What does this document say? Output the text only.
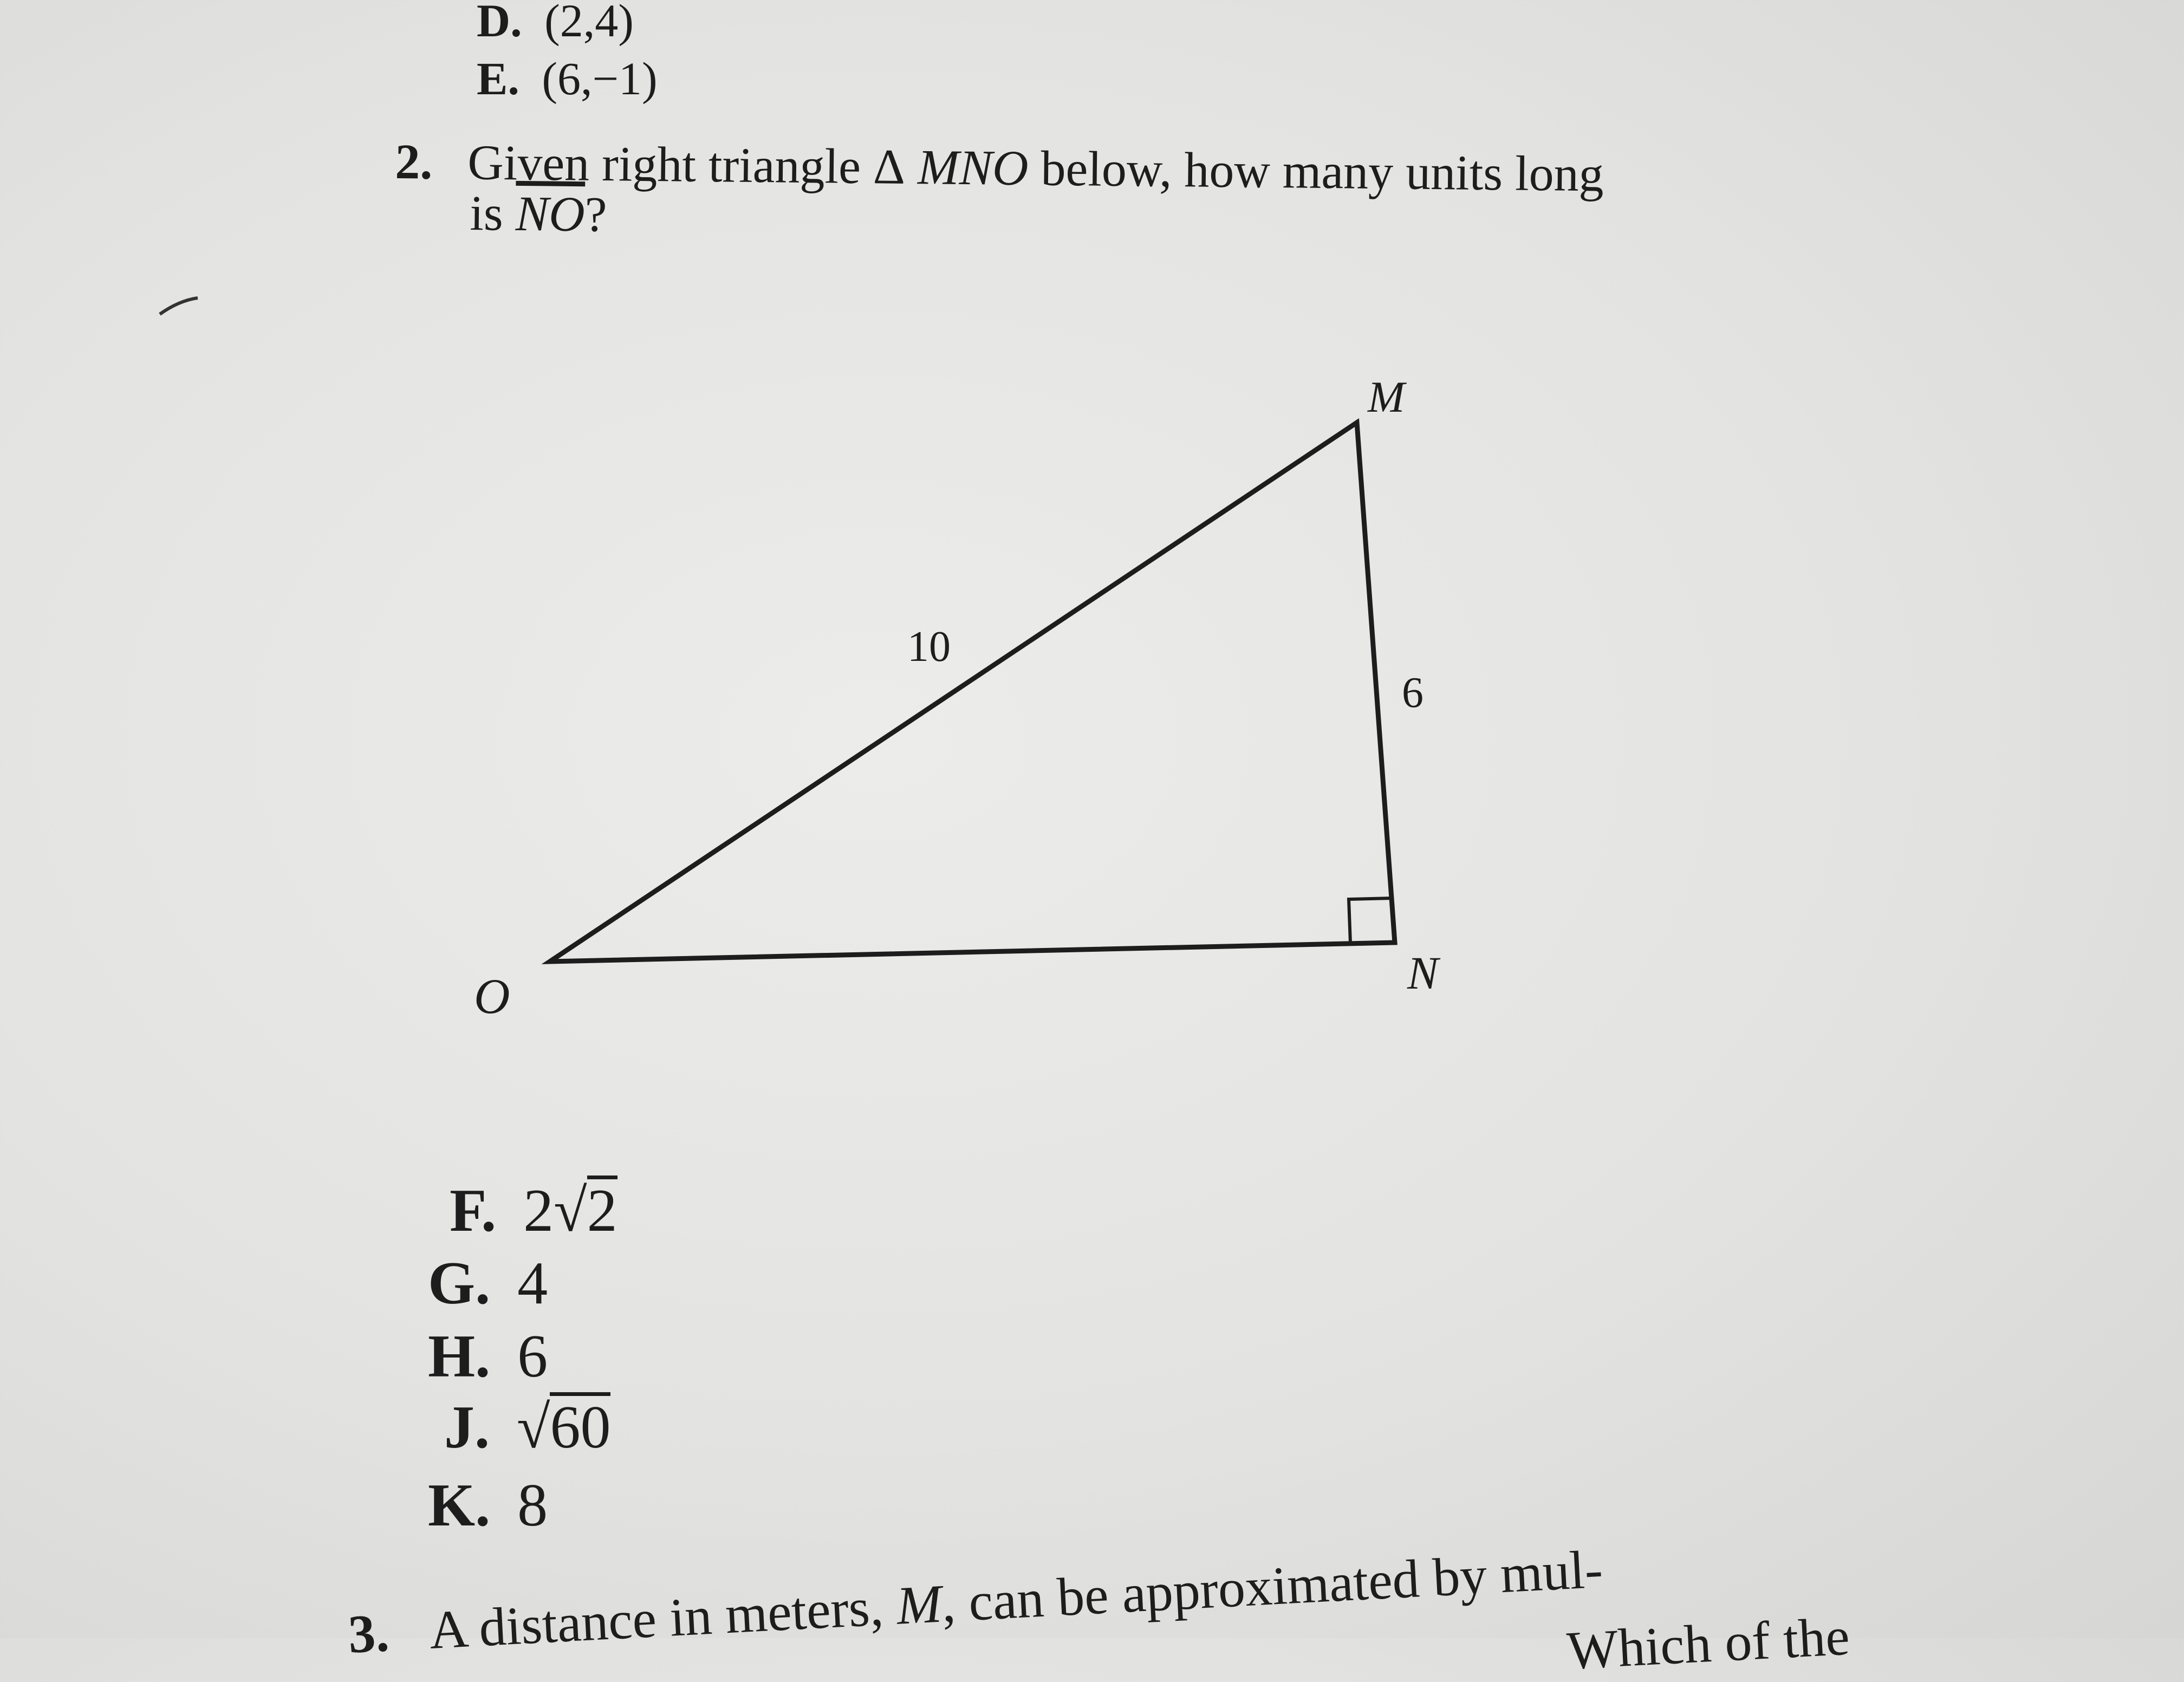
D. (2,4)
E. (6,−1)
2. Given right triangle Δ MNO below, how many units long
is $\overline{NO}$?
M
N
O
10
6
F. 2√2
G. 4
H. 6
J. √60
K. 8
3. A distance in meters, M, can be approximated by mul-
Which of the
